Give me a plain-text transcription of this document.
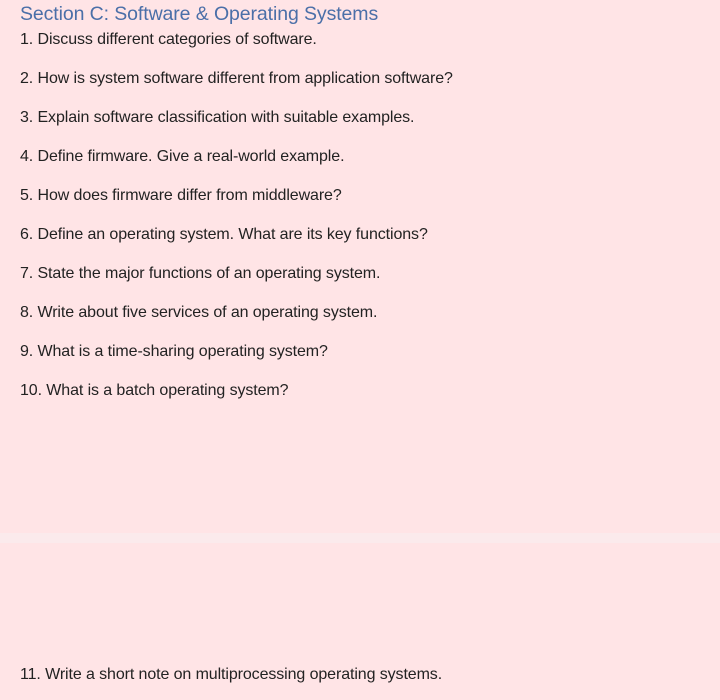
Section C: Software & Operating Systems
1. Discuss different categories of software.
2. How is system software different from application software?
3. Explain software classification with suitable examples.
4. Define firmware. Give a real-world example.
5. How does firmware differ from middleware?
6. Define an operating system. What are its key functions?
7. State the major functions of an operating system.
8. Write about five services of an operating system.
9. What is a time-sharing operating system?
10. What is a batch operating system?
11. Write a short note on multiprocessing operating systems.
